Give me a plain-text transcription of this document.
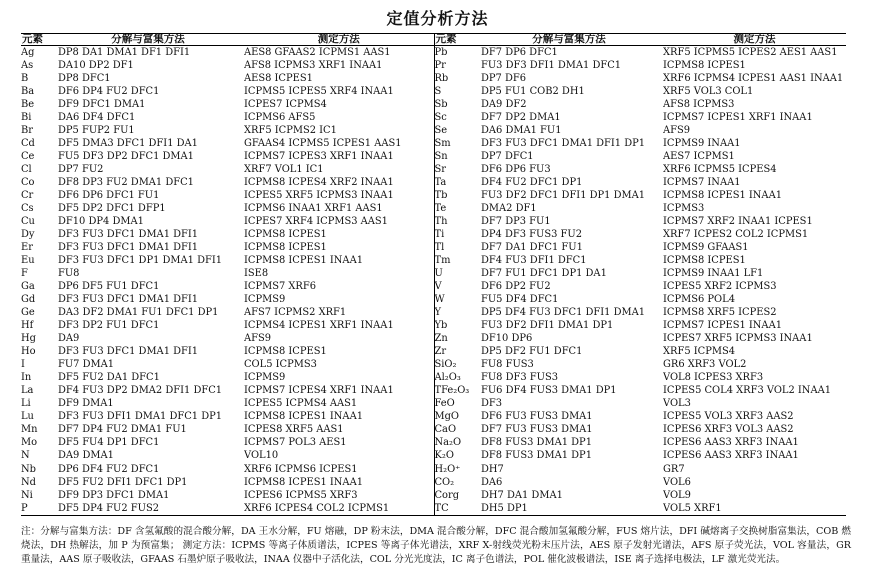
定值分析方法
元素	分解与富集方法		测定方法	元素	分解与富集方法		测定方法
Ag	DP8 DA1 DMA1 DF1 DFI1		AES8 GFAAS2 ICPMS1 AAS1	Pb	DF7 DP6 DFC1		XRF5 ICPMS5 ICPES2 AES1 AAS1
As	DA10 DP2 DF1		AFS8 ICPMS3 XRF1 INAA1	Pr	FU3 DF3 DFI1 DMA1 DFC1		ICPMS8 ICPES1
B	DP8 DFC1		AES8 ICPES1	Rb	DP7 DF6		XRF6 ICPMS4 ICPES1 AAS1 INAA1
Ba	DF6 DP4 FU2 DFC1		ICPMS5 ICPES5 XRF4 INAA1	S	DP5 FU1 COB2 DH1		XRF5 VOL3 COL1
Be	DF9 DFC1 DMA1		ICPES7 ICPMS4	Sb	DA9 DF2		AFS8 ICPMS3
Bi	DA6 DF4 DFC1		ICPMS6 AFS5	Sc	DF7 DP2 DMA1		ICPMS7 ICPES1 XRF1 INAA1
Br	DP5 FUP2 FU1		XRF5 ICPMS2 IC1	Se	DA6 DMA1 FU1		AFS9
Cd	DF5 DMA3 DFC1 DFI1 DA1		GFAAS4 ICPMS5 ICPES1 AAS1	Sm	DF3 FU3 DFC1 DMA1 DFI1 DP1		ICPMS9 INAA1
Ce	FU5 DF3 DP2 DFC1 DMA1		ICPMS7 ICPES3 XRF1 INAA1	Sn	DP7 DFC1		AES7 ICPMS1
Cl	DP7 FU2		XRF7 VOL1 IC1	Sr	DF6 DP6 FU3		XRF6 ICPMS5 ICPES4
Co	DF8 DP3 FU2 DMA1 DFC1		ICPMS8 ICPES4 XRF2 INAA1	Ta	DF4 FU2 DFC1 DP1		ICPMS7 INAA1
Cr	DF6 DP6 DFC1 FU1		ICPES5 XRF5 ICPMS3 INAA1	Tb	FU3 DF2 DFC1 DFI1 DP1 DMA1		ICPMS8 ICPES1 INAA1
Cs	DF5 DP2 DFC1 DFP1		ICPMS6 INAA1 XRF1 AAS1	Te	DMA2 DF1		ICPMS3
Cu	DF10 DP4 DMA1		ICPES7 XRF4 ICPMS3 AAS1	Th	DF7 DP3 FU1		ICPMS7 XRF2 INAA1 ICPES1
Dy	DF3 FU3 DFC1 DMA1 DFI1		ICPMS8 ICPES1	Ti	DP4 DF3 FUS3 FU2		XRF7 ICPES2 COL2 ICPMS1
Er	DF3 FU3 DFC1 DMA1 DFI1		ICPMS8 ICPES1	Tl	DF7 DA1 DFC1 FU1		ICPMS9 GFAAS1
Eu	DF3 FU3 DFC1 DP1 DMA1 DFI1		ICPMS8 ICPES1 INAA1	Tm	DF4 FU3 DFI1 DFC1		ICPMS8 ICPES1
F	FU8		ISE8	U	DF7 FU1 DFC1 DP1 DA1		ICPMS9 INAA1 LF1
Ga	DP6 DF5 FU1 DFC1		ICPMS7 XRF6	V	DF6 DP2 FU2		ICPES5 XRF2 ICPMS3
Gd	DF3 FU3 DFC1 DMA1 DFI1		ICPMS9	W	FU5 DF4 DFC1		ICPMS6 POL4
Ge	DA3 DF2 DMA1 FU1 DFC1 DP1		AFS7 ICPMS2 XRF1	Y	DP5 DF4 FU3 DFC1 DFI1 DMA1		ICPMS8 XRF5 ICPES2
Hf	DF3 DP2 FU1 DFC1		ICPMS4 ICPES1 XRF1 INAA1	Yb	FU3 DF2 DFI1 DMA1 DP1		ICPMS7 ICPES1 INAA1
Hg	DA9		AFS9	Zn	DF10 DP6		ICPES7 XRF5 ICPMS3 INAA1
Ho	DF3 FU3 DFC1 DMA1 DFI1		ICPMS8 ICPES1	Zr	DP5 DF2 FU1 DFC1		XRF5 ICPMS4
I	FU7 DMA1		COL5 ICPMS3	SiO₂	FU8 FUS3		GR6 XRF3 VOL2
In	DF5 FU2 DA1 DFC1		ICPMS9	Al₂O₃	FU8 DF3 FUS3		VOL8 ICPES3 XRF3
La	DF4 FU3 DP2 DMA2 DFI1 DFC1		ICPMS7 ICPES4 XRF1 INAA1	TFe₂O₃	FU6 DF4 FUS3 DMA1 DP1		ICPES5 COL4 XRF3 VOL2 INAA1
Li	DF9 DMA1		ICPES5 ICPMS4 AAS1	FeO	DF3		VOL3
Lu	DF3 FU3 DFI1 DMA1 DFC1 DP1		ICPMS8 ICPES1 INAA1	MgO	DF6 FU3 FUS3 DMA1		ICPES5 VOL3 XRF3 AAS2
Mn	DF7 DP4 FU2 DMA1 FU1		ICPES8 XRF5 AAS1	CaO	DF7 FU3 FUS3 DMA1		ICPES6 XRF3 VOL3 AAS2
Mo	DF5 FU4 DP1 DFC1		ICPMS7 POL3 AES1	Na₂O	DF8 FUS3 DMA1 DP1		ICPES6 AAS3 XRF3 INAA1
N	DA9 DMA1		VOL10	K₂O	DF8 FUS3 DMA1 DP1		ICPES6 AAS3 XRF3 INAA1
Nb	DP6 DF4 FU2 DFC1		XRF6 ICPMS6 ICPES1	H₂O⁺	DH7		GR7
Nd	DF5 FU2 DFI1 DFC1 DP1		ICPMS8 ICPES1 INAA1	CO₂	DA6		VOL6
Ni	DF9 DP3 DFC1 DMA1		ICPES6 ICPMS5 XRF3	Corg	DH7 DA1 DMA1		VOL9
P	DF5 DP4 FU2 FUS2		XRF6 ICPES4 COL2 ICPMS1	TC	DH5 DP1		VOL5 XRF1
注：分解与富集方法：DF 含氢氟酸的混合酸分解，DA 王水分解，FU 熔融，DP 粉末法，DMA 混合酸分解，DFC 混合酸加氢氟酸分解，FUS 熔片法，DFI 碱熔离子交换树脂富集法，COB 燃烧法，DH 热解法，加 P 为预富集； 测定方法：ICPMS 等离子体质谱法，ICPES 等离子体光谱法，XRF X-射线荧光粉末压片法，AES 原子发射光谱法，AFS 原子荧光法，VOL 容量法，GR 重量法，AAS 原子吸收法，GFAAS 石墨炉原子吸收法，INAA 仪器中子活化法，COL 分光光度法，IC 离子色谱法，POL 催化波极谱法，ISE 离子选择电极法，LF 激光荧光法。
